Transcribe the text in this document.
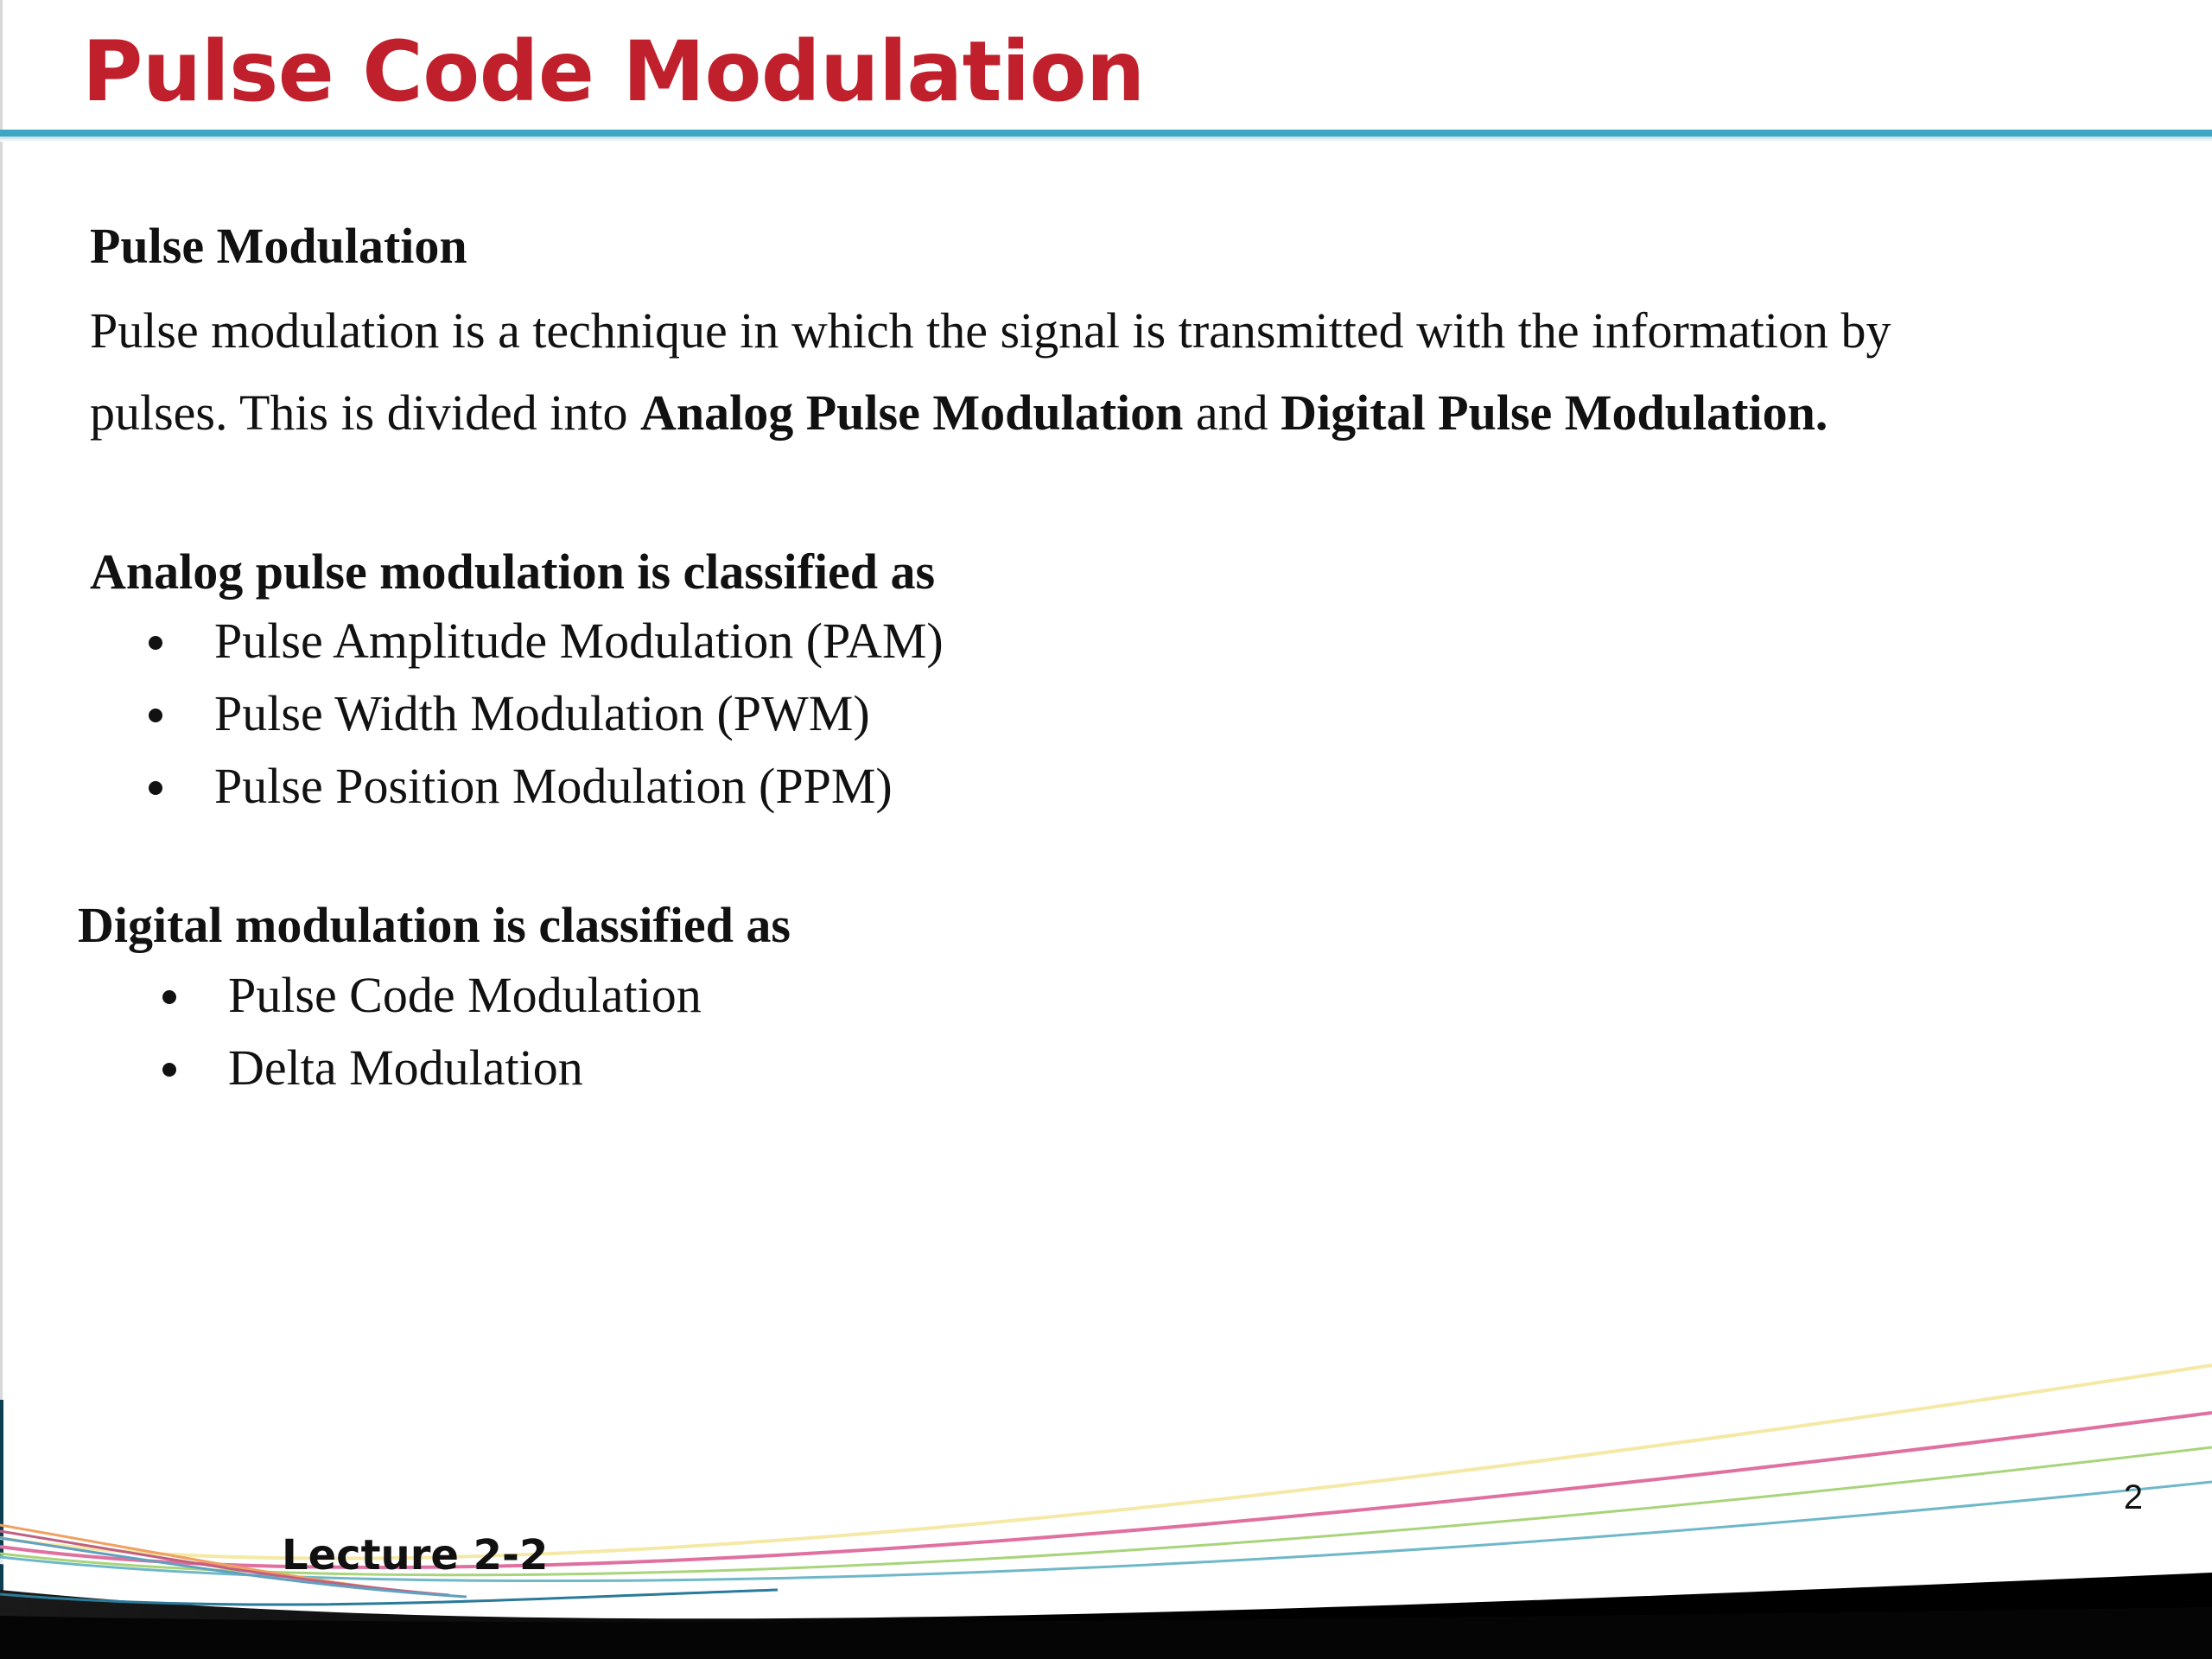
Pulse Code Modulation
Pulse Modulation

Pulse modulation is a technique in which the signal is transmitted with the information by

pulses. This is divided into Analog Pulse Modulation and Digital Pulse Modulation.

Analog pulse modulation is classified as
Pulse Amplitude Modulation (PAM)
Pulse Width Modulation (PWM)
Pulse Position Modulation (PPM)
Digital modulation is classified as
Pulse Code Modulation
Delta Modulation
2
Lecture 2-2
